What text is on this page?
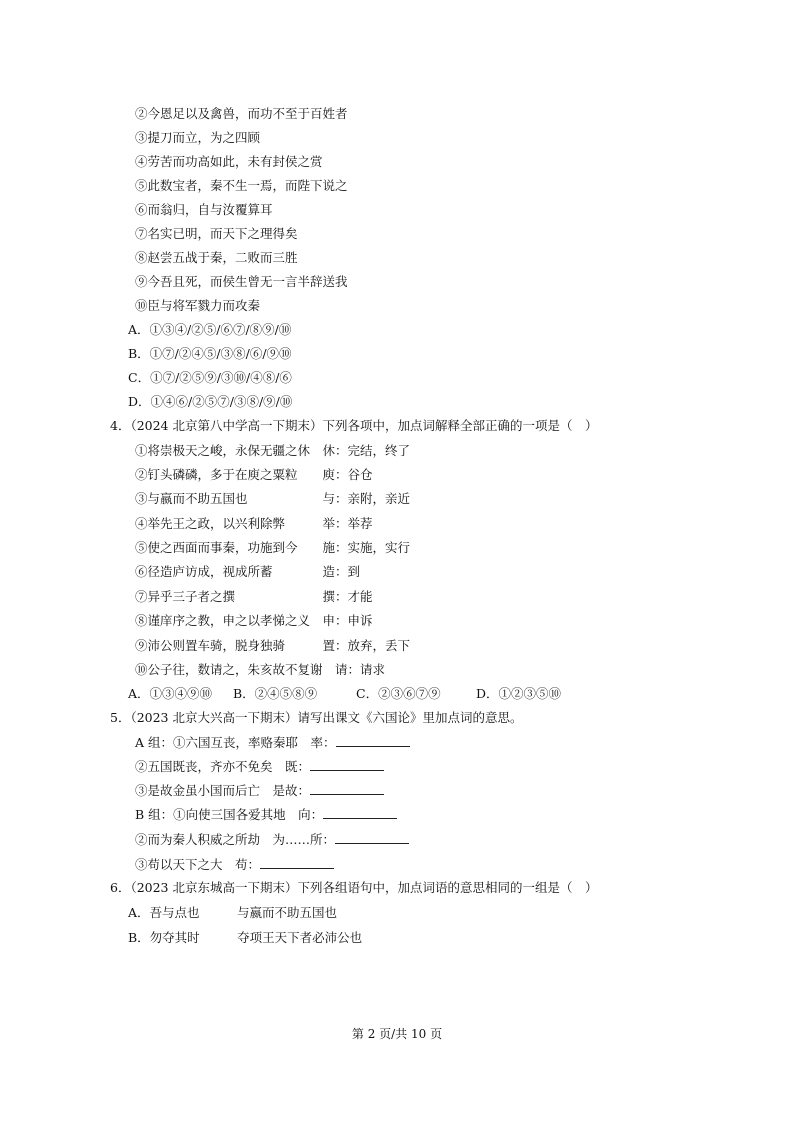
②今恩足以及禽兽，而功不至于百姓者
③提刀而立，为之四顾
④劳苦而功高如此，未有封侯之赏
⑤此数宝者，秦不生一焉，而陛下说之
⑥而翁归，自与汝覆算耳
⑦名实已明，而天下之理得矣
⑧赵尝五战于秦，二败而三胜
⑨今吾且死，而侯生曾无一言半辞送我
⑩臣与将军戮力而攻秦
A．①③④/②⑤/⑥⑦/⑧⑨/⑩
B．①⑦/②④⑤/③⑧/⑥/⑨⑩
C．①⑦/②⑤⑨/③⑩/④⑧/⑥
D．①④⑥/②⑤⑦/③⑧/⑨/⑩
4．（2024 北京第八中学高一下期末）下列各项中，加点词解释全部正确的一项是（　）
①将崇极天之峻，永保无疆之休　休：完结，终了
②钉头磷磷，多于在庾之粟粒　　庾：谷仓
③与嬴而不助五国也　　　　　　与：亲附，亲近
④举先王之政，以兴利除弊　　　举：举荐
⑤使之西面而事秦，功施到今　　施：实施，实行
⑥径造庐访成，视成所蓄　　　　造：到
⑦异乎三子者之撰　　　　　　　撰：才能
⑧谨庠序之教，申之以孝悌之义　申：申诉
⑨沛公则置车骑，脱身独骑　　　置：放弃，丢下
⑩公子往，数请之，朱亥故不复谢　请：请求
A．①③④⑨⑩ B．②④⑤⑧⑨	C．②③⑥⑦⑨	D．①②③⑤⑩
5．（2023 北京大兴高一下期末）请写出课文《六国论》里加点词的意思。
A 组：①六国互丧，率赂秦耶　率：
②五国既丧，齐亦不免矣　既：
③是故金虽小国而后亡　是故：
B 组：①向使三国各爱其地　向：
②而为秦人积威之所劫　为……所：
③苟以天下之大　苟：
6．（2023 北京东城高一下期末）下列各组语句中，加点词语的意思相同的一组是（　）
A．吾与点也　　　与嬴而不助五国也
B．勿夺其时　　　夺项王天下者必沛公也
第 2 页/共 10 页
